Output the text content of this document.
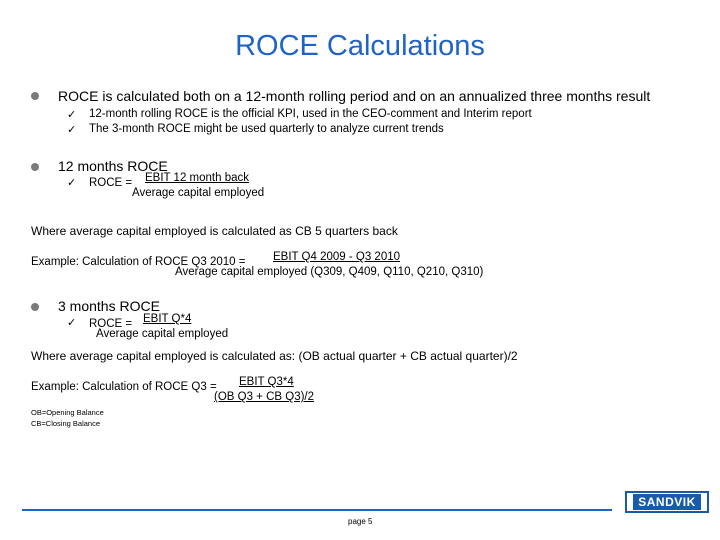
ROCE Calculations
ROCE is calculated both on a 12-month rolling period and on an annualized three months result
✓ 12-month rolling ROCE is the official KPI, used in the CEO-comment and Interim report
✓ The 3-month ROCE might be used quarterly to analyze current trends
12 months ROCE
✓ ROCE = EBIT 12 month back
Average capital employed
Where average capital employed is calculated as CB 5 quarters back
Example: Calculation of ROCE Q3 2010 = EBIT Q4 2009 - Q3 2010
Average capital employed (Q309, Q409, Q110, Q210, Q310)
3 months ROCE
✓ ROCE = EBIT Q*4
Average capital employed
Where average capital employed is calculated as: (OB actual quarter + CB actual quarter)/2
Example: Calculation of ROCE Q3 = EBIT Q3*4
(OB Q3 + CB Q3)/2
OB=Opening Balance
CB=Closing Balance
SANDVIK
page 5
